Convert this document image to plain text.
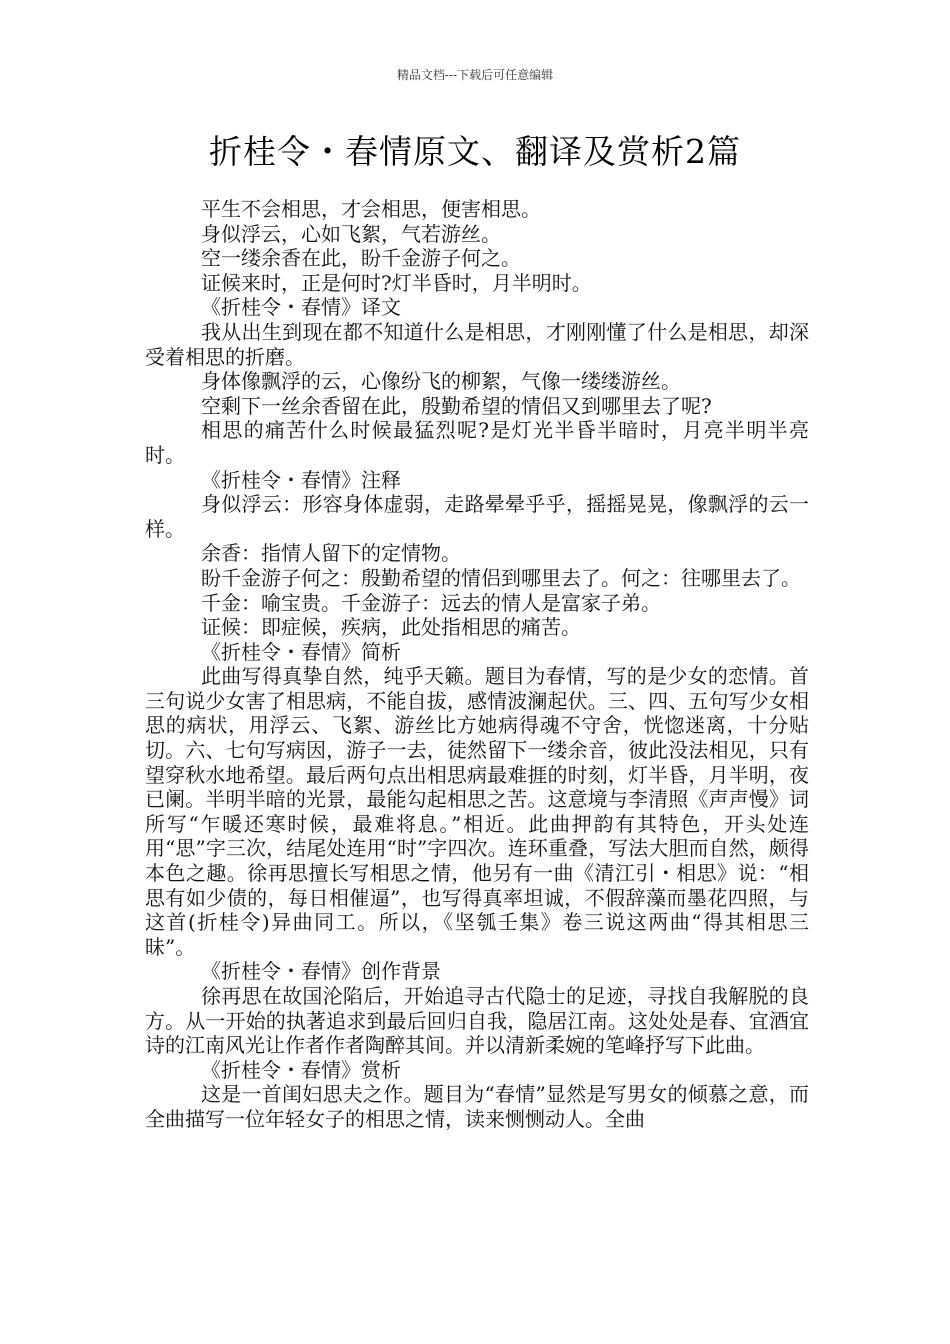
精品文档---下载后可任意编辑
折桂令・春情原文、翻译及赏析2篇

平生不会相思，才会相思，便害相思。

身似浮云，心如飞絮，气若游丝。

空一缕余香在此，盼千金游子何之。

证候来时，正是何时?灯半昏时，月半明时。

《折桂令・春情》译文

我从出生到现在都不知道什么是相思，才刚刚懂了什么是相思，却深受着相思的折磨。

身体像飘浮的云，心像纷飞的柳絮，气像一缕缕游丝。

空剩下一丝余香留在此，殷勤希望的情侣又到哪里去了呢?

相思的痛苦什么时候最猛烈呢?是灯光半昏半暗时，月亮半明半亮时。

《折桂令・春情》注释

身似浮云：形容身体虚弱，走路晕晕乎乎，摇摇晃晃，像飘浮的云一样。

余香：指情人留下的定情物。

盼千金游子何之：殷勤希望的情侣到哪里去了。何之：往哪里去了。

千金：喻宝贵。千金游子：远去的情人是富家子弟。

证候：即症候，疾病，此处指相思的痛苦。

《折桂令・春情》简析

此曲写得真挚自然，纯乎天籁。题目为春情，写的是少女的恋情。首三句说少女害了相思病，不能自拔，感情波澜起伏。三、四、五句写少女相思的病状，用浮云、飞絮、游丝比方她病得魂不守舍，恍惚迷离，十分贴切。六、七句写病因，游子一去，徒然留下一缕余音，彼此没法相见，只有望穿秋水地希望。最后两句点出相思病最难捱的时刻，灯半昏，月半明，夜已阑。半明半暗的光景，最能勾起相思之苦。这意境与李清照《声声慢》词所写“乍暖还寒时候，最难将息。”相近。此曲押韵有其特色，开头处连用“思”字三次，结尾处连用“时”字四次。连环重叠，写法大胆而自然，颇得本色之趣。徐再思擅长写相思之情，他另有一曲《清江引・相思》说：“相思有如少债的，每日相催逼”，也写得真率坦诚，不假辞藻而墨花四照，与这首(折桂令)异曲同工。所以，《坚瓠壬集》卷三说这两曲“得其相思三昧”。

《折桂令・春情》创作背景

徐再思在故国沦陷后，开始追寻古代隐士的足迹，寻找自我解脱的良方。从一开始的执著追求到最后回归自我，隐居江南。这处处是春、宜酒宜诗的江南风光让作者作者陶醉其间。并以清新柔婉的笔峰抒写下此曲。

《折桂令・春情》赏析

这是一首闺妇思夫之作。题目为“春情”显然是写男女的倾慕之意，而全曲描写一位年轻女子的相思之情，读来恻恻动人。全曲
